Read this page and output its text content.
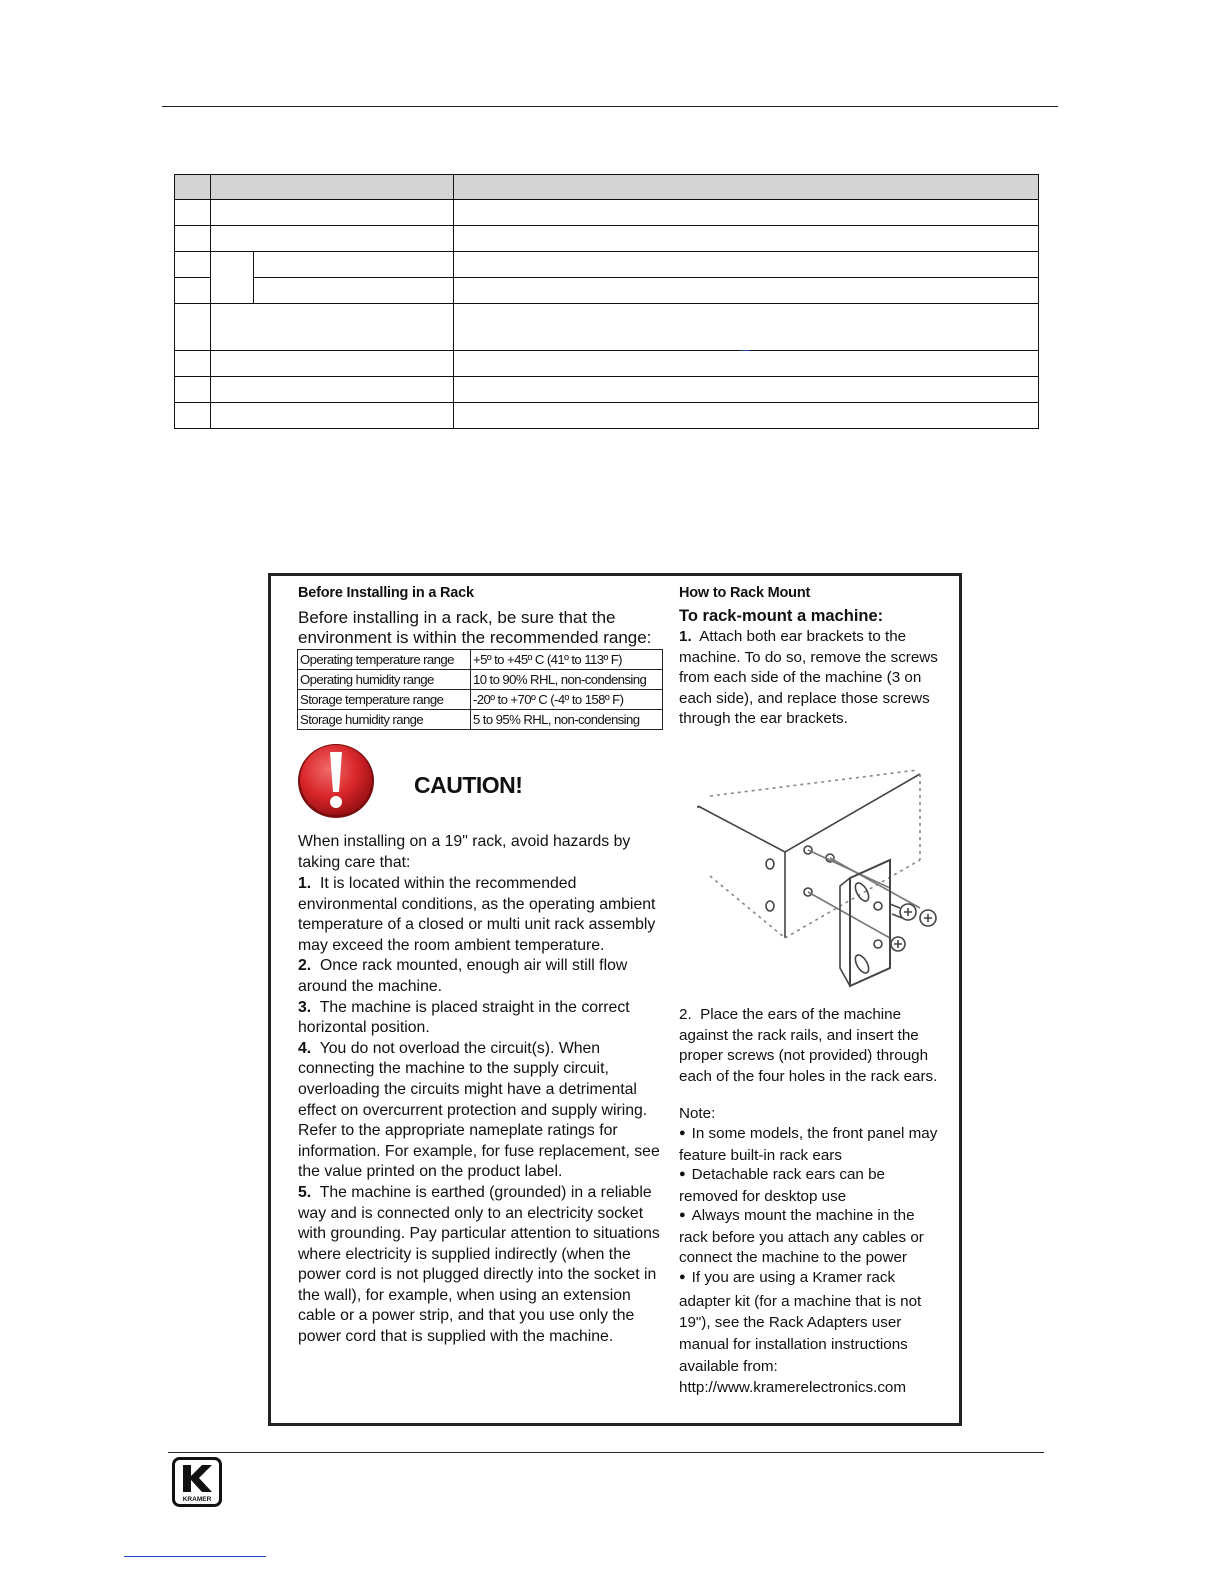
Before Installing in a Rack
Before installing in a rack, be sure that the environment is within the recommended range:
Operating temperature range	+5º to +45º C (41º to 113º F)
Operating humidity range	10 to 90% RHL, non-condensing
Storage temperature range	-20º to +70º C (-4º to 158º F)
Storage humidity range	5 to 95% RHL, non-condensing
CAUTION!
When installing on a 19" rack, avoid hazards by taking care that:
1. It is located within the recommended environmental conditions, as the operating ambient temperature of a closed or multi unit rack assembly may exceed the room ambient temperature.
2. Once rack mounted, enough air will still flow around the machine.
3. The machine is placed straight in the correct horizontal position.
4. You do not overload the circuit(s). When connecting the machine to the supply circuit, overloading the circuits might have a detrimental effect on overcurrent protection and supply wiring. Refer to the appropriate nameplate ratings for information. For example, for fuse replacement, see the value printed on the product label.
5. The machine is earthed (grounded) in a reliable way and is connected only to an electricity socket with grounding. Pay particular attention to situations where electricity is supplied indirectly (when the power cord is not plugged directly into the socket in the wall), for example, when using an extension cable or a power strip, and that you use only the power cord that is supplied with the machine.
How to Rack Mount
To rack-mount a machine:
1. Attach both ear brackets to the machine. To do so, remove the screws from each side of the machine (3 on each side), and replace those screws through the ear brackets.
2. Place the ears of the machine against the rack rails, and insert the proper screws (not provided) through each of the four holes in the rack ears.
Note:
● In some models, the front panel may feature built-in rack ears
● Detachable rack ears can be removed for desktop use
● Always mount the machine in the rack before you attach any cables or connect the machine to the power
● If you are using a Kramer rack adapter kit (for a machine that is not 19"), see the Rack Adapters user manual for installation instructions available from: http://www.kramerelectronics.com
KRAMER
